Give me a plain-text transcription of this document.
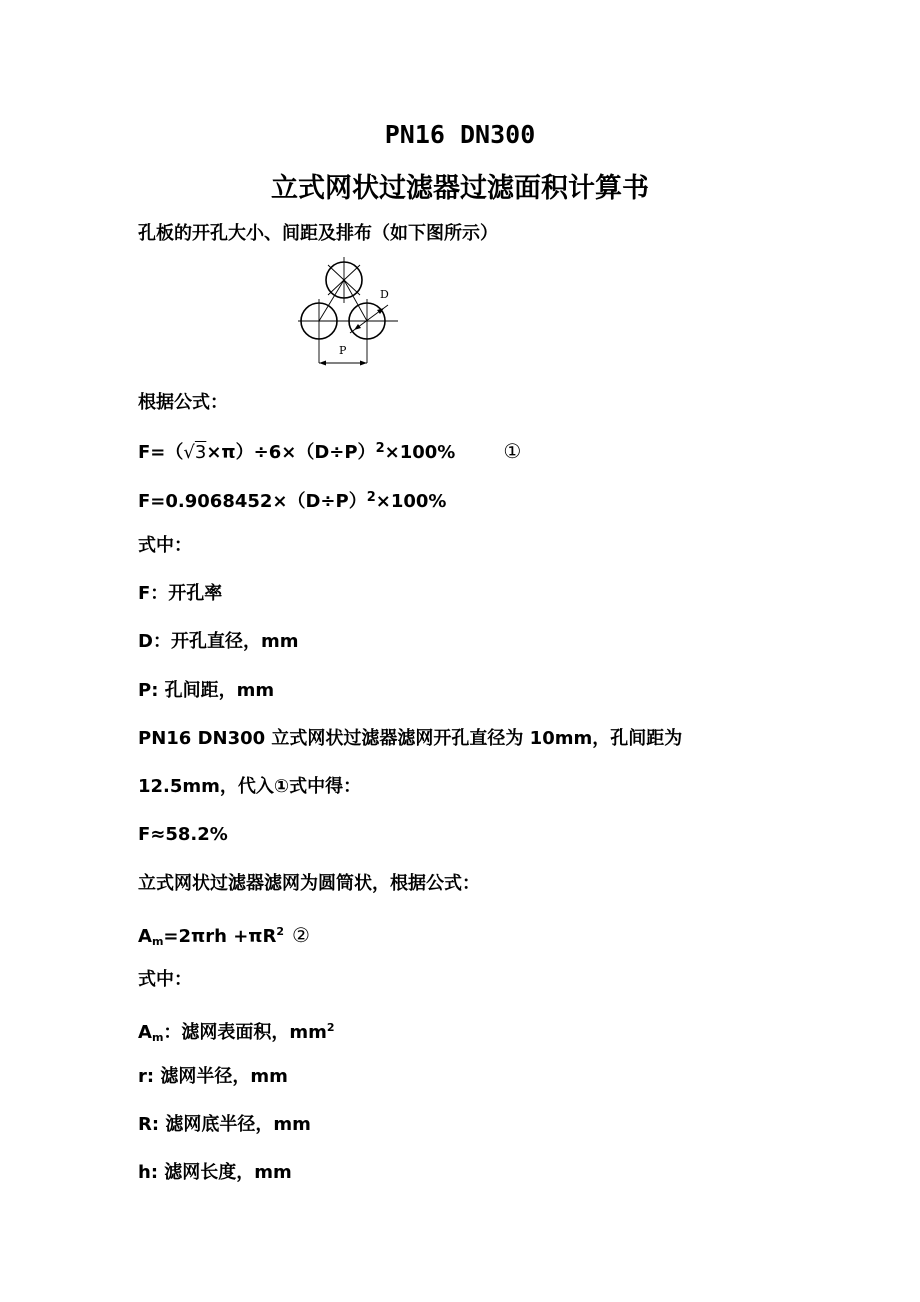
PN16 DN300
立式网状过滤器过滤面积计算书
孔板的开孔大小、间距及排布（如下图所示）
D
P
根据公式：
$F=(√3\times\pi)\div 6\times(D\div P)^2\times 100\%$ ①
$F=0.9068452\times(D\div P)^2\times 100\%$
式中：
F：开孔率
D：开孔直径，mm
P: 孔间距，mm
PN16 DN300 立式网状过滤器滤网开孔直径为 10mm，孔间距为
12.5mm，代入①式中得：
F≈58.2%
立式网状过滤器滤网为圆筒状，根据公式：
$A_m=2\pi rh +\pi R^2$ ②
式中：
$A_m$：滤网表面积，$mm^2$
r: 滤网半径，mm
R: 滤网底半径，mm
h: 滤网长度，mm
